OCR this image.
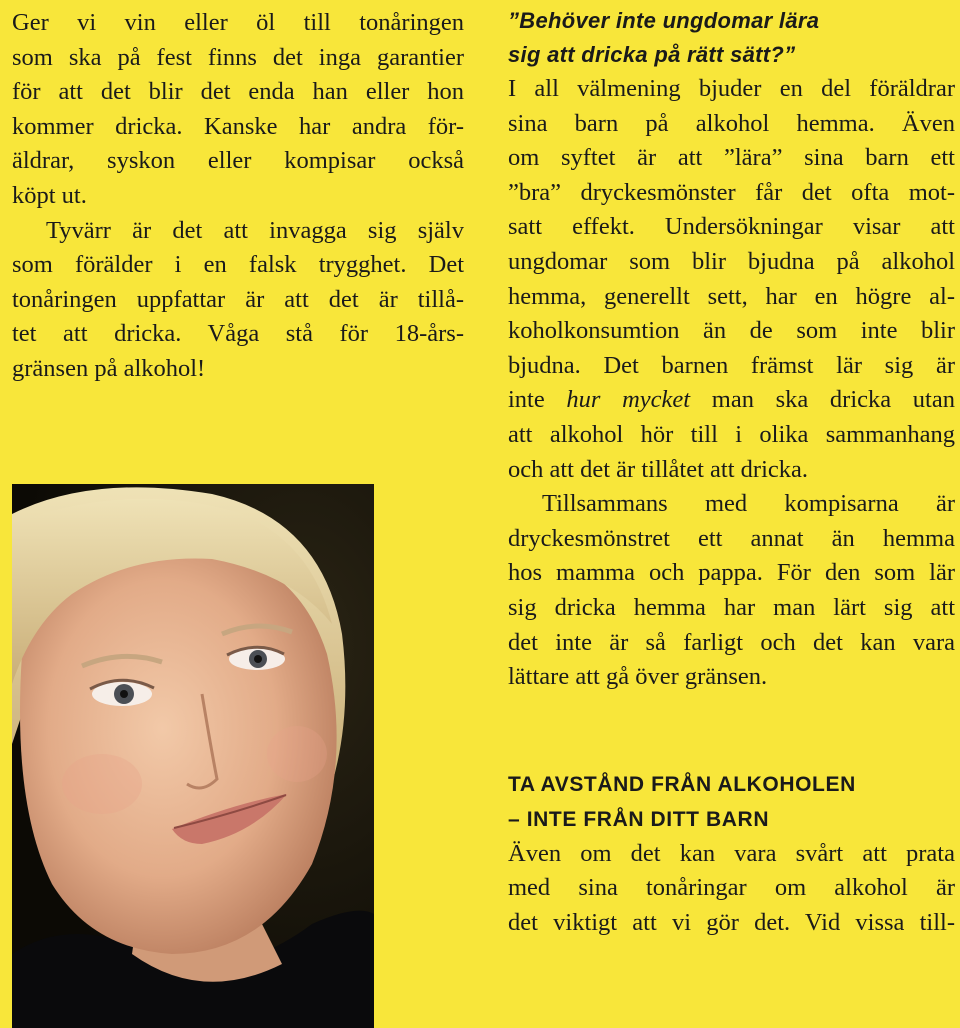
Ger vi vin eller öl till tonåringen
som ska på fest finns det inga garantier
för att det blir det enda han eller hon
kommer dricka. Kanske har andra för-
äldrar, syskon eller kompisar också
köpt ut.
Tyvärr är det att invagga sig själv
som förälder i en falsk trygghet. Det
tonåringen uppfattar är att det är tillå-
tet att dricka. Våga stå för 18-års-
gränsen på alkohol!
”Behöver inte ungdomar lära
sig att dricka på rätt sätt?”
I all välmening bjuder en del föräldrar
sina barn på alkohol hemma. Även
om syftet är att ”lära” sina barn ett
”bra” dryckesmönster får det ofta mot-
satt effekt. Undersökningar visar att
ungdomar som blir bjudna på alkohol
hemma, generellt sett, har en högre al-
koholkonsumtion än de som inte blir
bjudna. Det barnen främst lär sig är
inte hur mycket man ska dricka utan
att alkohol hör till i olika sammanhang
och att det är tillåtet att dricka.
Tillsammans med kompisarna är
dryckesmönstret ett annat än hemma
hos mamma och pappa. För den som lär
sig dricka hemma har man lärt sig att
det inte är så farligt och det kan vara
lättare att gå över gränsen.
TA AVSTÅND FRÅN ALKOHOLEN
– INTE FRÅN DITT BARN
Även om det kan vara svårt att prata
med sina tonåringar om alkohol är
det viktigt att vi gör det. Vid vissa till-
